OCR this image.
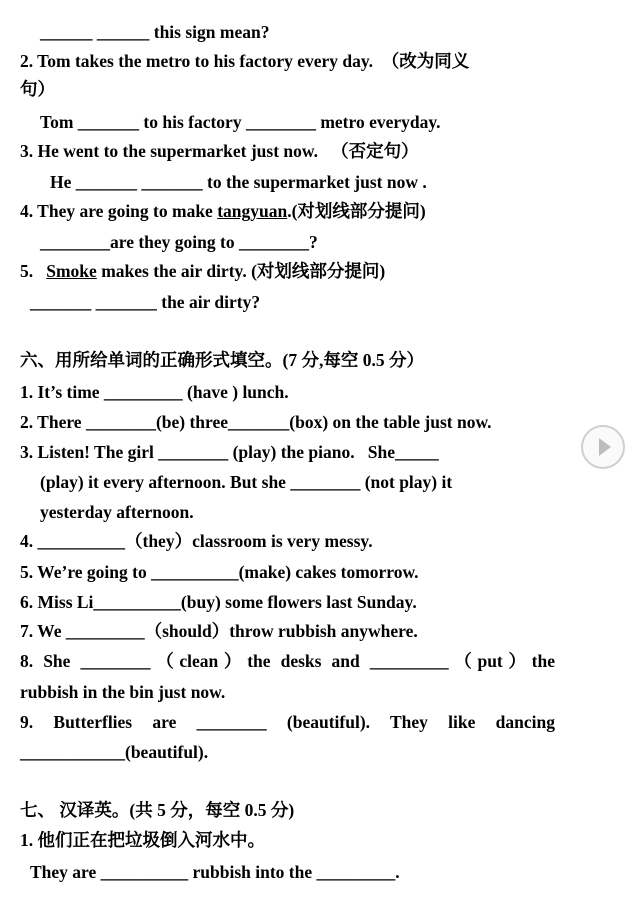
______ ______ this sign mean?
2. Tom takes the metro to his factory every day. （改为同义
句）
Tom _______ to his factory ________ metro everyday.
3. He went to the supermarket just now.   （否定句）
He _______ _______ to the supermarket just now .
4. They are going to make tangyuan.(对划线部分提问)
________are they going to ________?
5.   Smoke makes the air dirty. (对划线部分提问)
_______ _______ the air dirty?
六、用所给单词的正确形式填空。(7 分,每空 0.5 分）
1. It’s time _________ (have ) lunch.
2. There ________(be) three_______(box) on the table just now.
3. Listen! The girl ________ (play) the piano.   She_____
(play) it every afternoon. But she ________ (not play) it
yesterday afternoon.
4. __________（they）classroom is very messy.
5. We’re going to __________(make) cakes tomorrow.
6. Miss Li__________(buy) some flowers last Sunday.
7. We _________（should）throw rubbish anywhere.
8. She ________（clean）the desks and _________（put）the
rubbish in the bin just now.
9. Butterflies are ________ (beautiful). They like dancing
____________(beautiful).
七、 汉译英。(共 5 分，每空 0.5 分)
1. 他们正在把垃圾倒入河水中。
They are __________ rubbish into the _________.
